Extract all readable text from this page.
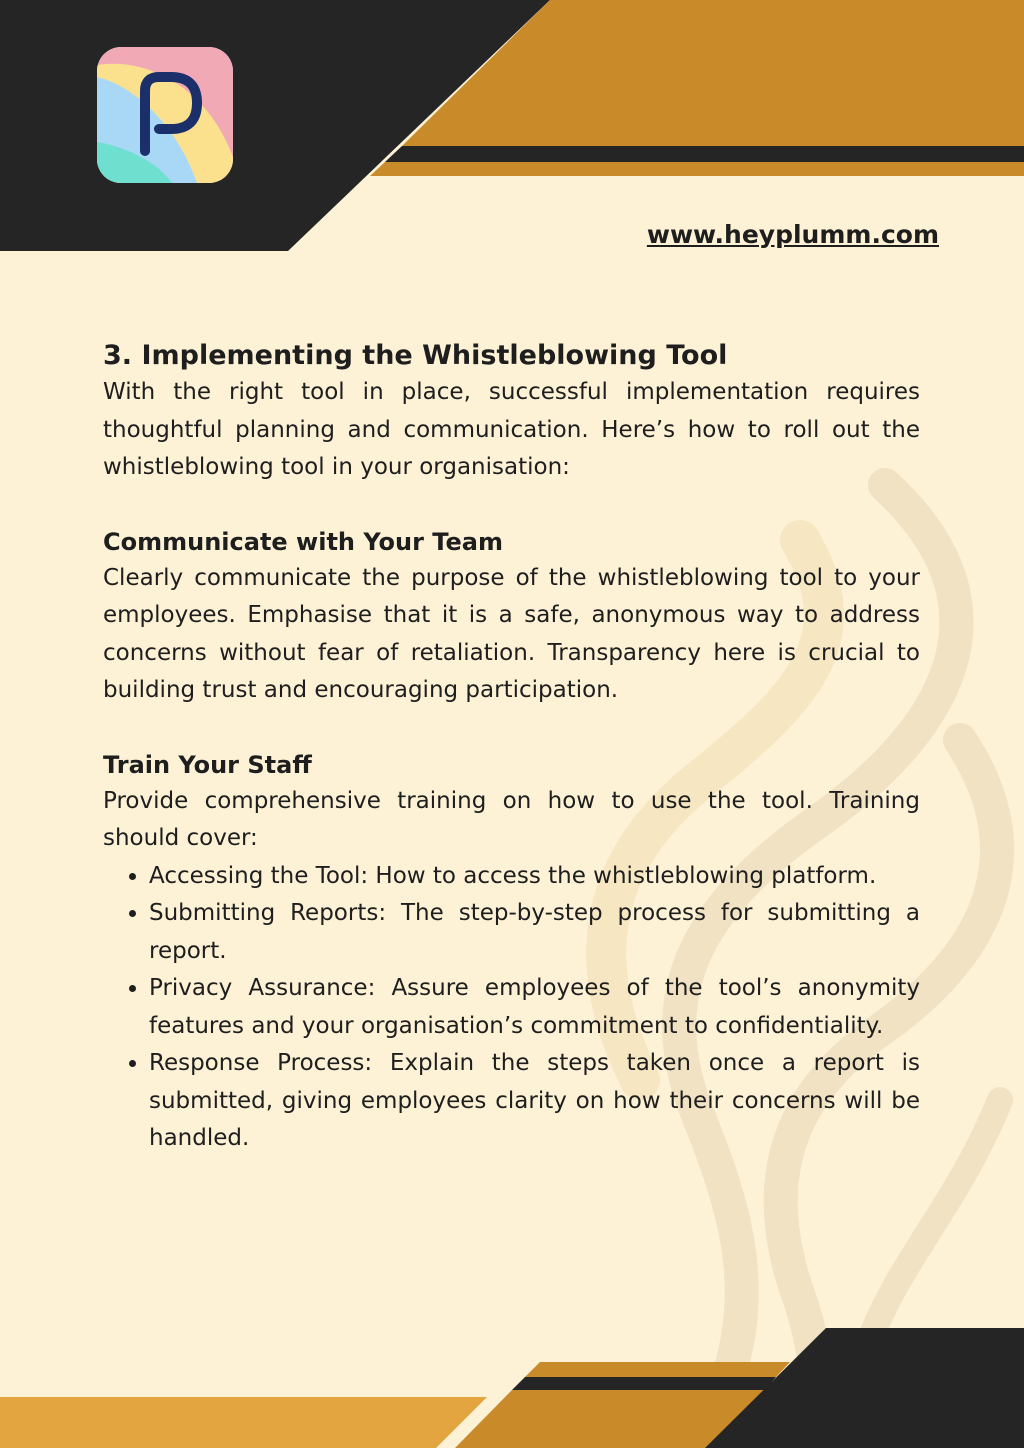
www.heyplumm.com
3. Implementing the Whistleblowing Tool

With the right tool in place, successful implementation requires thoughtful planning and communication. Here’s how to roll out the whistleblowing tool in your organisation:

Communicate with Your Team

Clearly communicate the purpose of the whistleblowing tool to your employees. Emphasise that it is a safe, anonymous way to address concerns without fear of retaliation. Transparency here is crucial to building trust and encouraging participation.

Train Your Staff

Provide comprehensive training on how to use the tool. Training should cover:

• Accessing the Tool: How to access the whistleblowing platform.
• Submitting Reports: The step-by-step process for submitting a report.
• Privacy Assurance: Assure employees of the tool’s anonymity features and your organisation’s commitment to confidentiality.
• Response Process: Explain the steps taken once a report is submitted, giving employees clarity on how their concerns will be handled.
